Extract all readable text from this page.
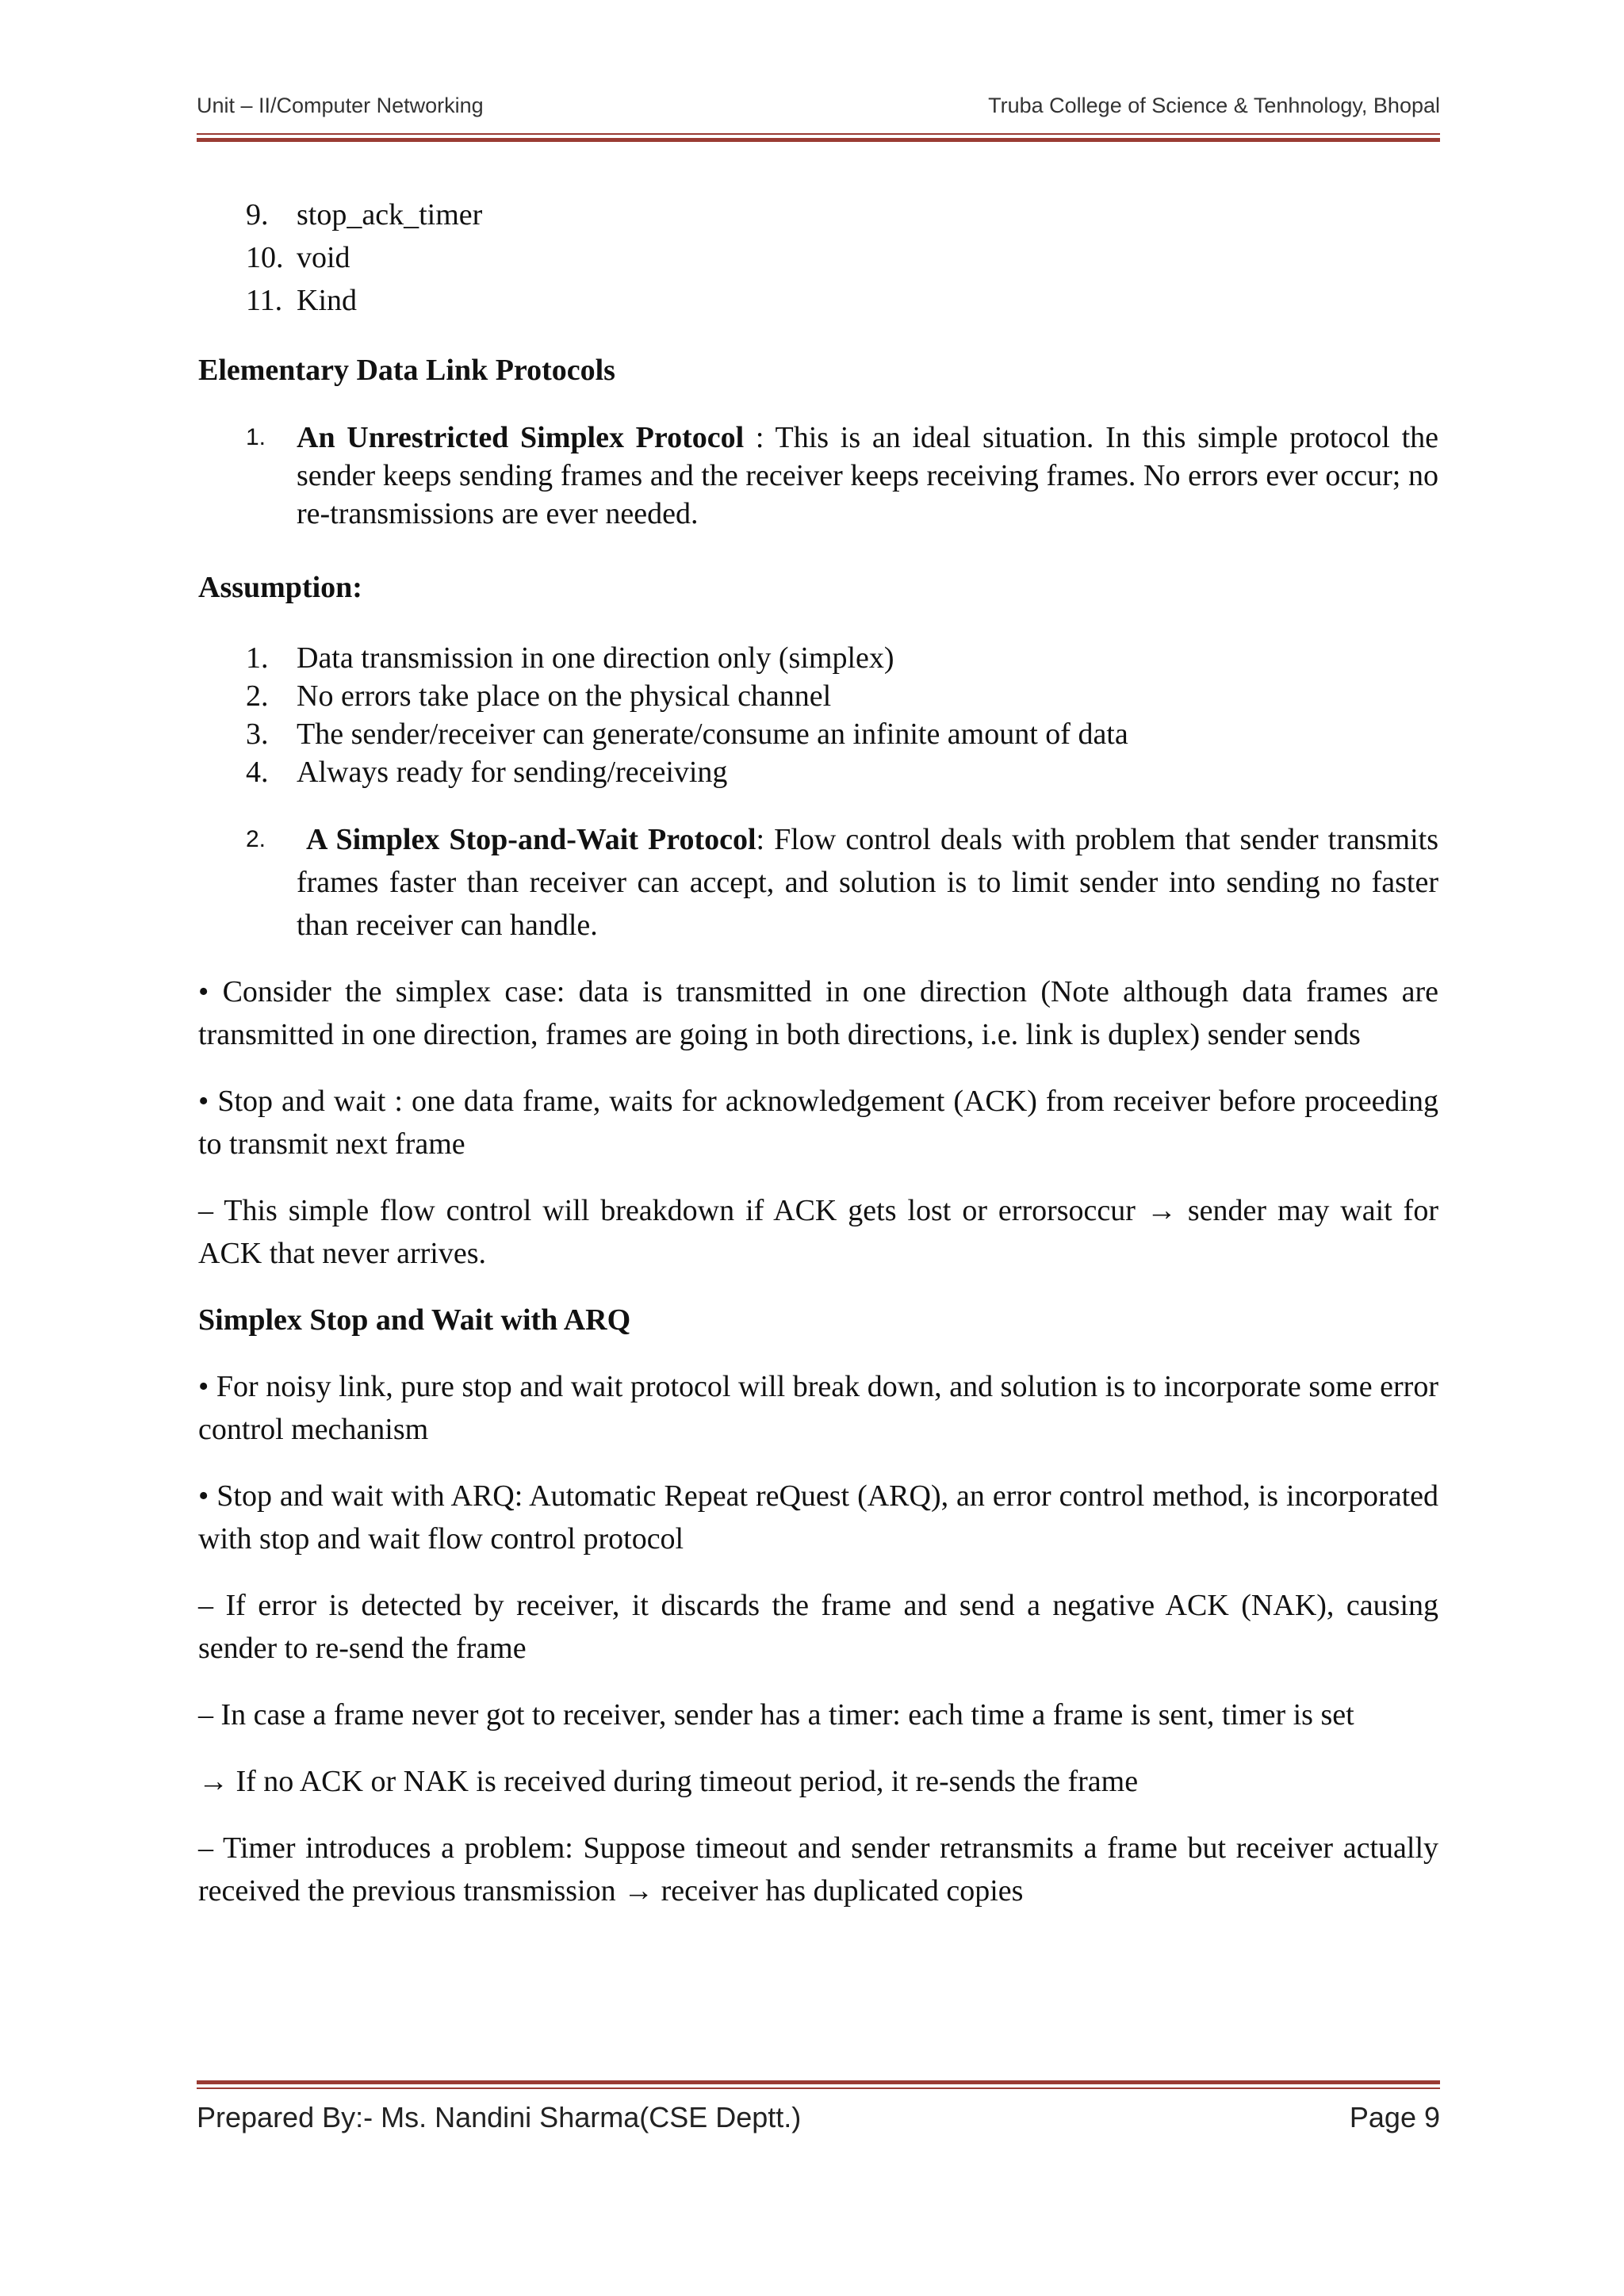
Unit – II/Computer Networking	Truba College of Science & Tenhnology, Bhopal
9. stop_ack_timer
10. void
11. Kind

Elementary Data Link Protocols

1. An Unrestricted Simplex Protocol : This is an ideal situation. In this simple protocol the sender keeps sending frames and the receiver keeps receiving frames. No errors ever occur; no re-transmissions are ever needed.

Assumption:

1. Data transmission in one direction only (simplex)
2. No errors take place on the physical channel
3. The sender/receiver can generate/consume an infinite amount of data
4. Always ready for sending/receiving

2. A Simplex Stop-and-Wait Protocol: Flow control deals with problem that sender transmits frames faster than receiver can accept, and solution is to limit sender into sending no faster than receiver can handle.

• Consider the simplex case: data is transmitted in one direction (Note although data frames are transmitted in one direction, frames are going in both directions, i.e. link is duplex) sender sends

• Stop and wait : one data frame, waits for acknowledgement (ACK) from receiver before proceeding to transmit next frame

– This simple flow control will breakdown if ACK gets lost or errorsoccur → sender may wait for ACK that never arrives.

Simplex Stop and Wait with ARQ

• For noisy link, pure stop and wait protocol will break down, and solution is to incorporate some error control mechanism

• Stop and wait with ARQ: Automatic Repeat reQuest (ARQ), an error control method, is incorporated with stop and wait flow control protocol

– If error is detected by receiver, it discards the frame and send a negative ACK (NAK), causing sender to re-send the frame

– In case a frame never got to receiver, sender has a timer: each time a frame is sent, timer is set

→ If no ACK or NAK is received during timeout period, it re-sends the frame

– Timer introduces a problem: Suppose timeout and sender retransmits a frame but receiver actually received the previous transmission → receiver has duplicated copies

Prepared By:- Ms. Nandini Sharma(CSE Deptt.)	Page 9
